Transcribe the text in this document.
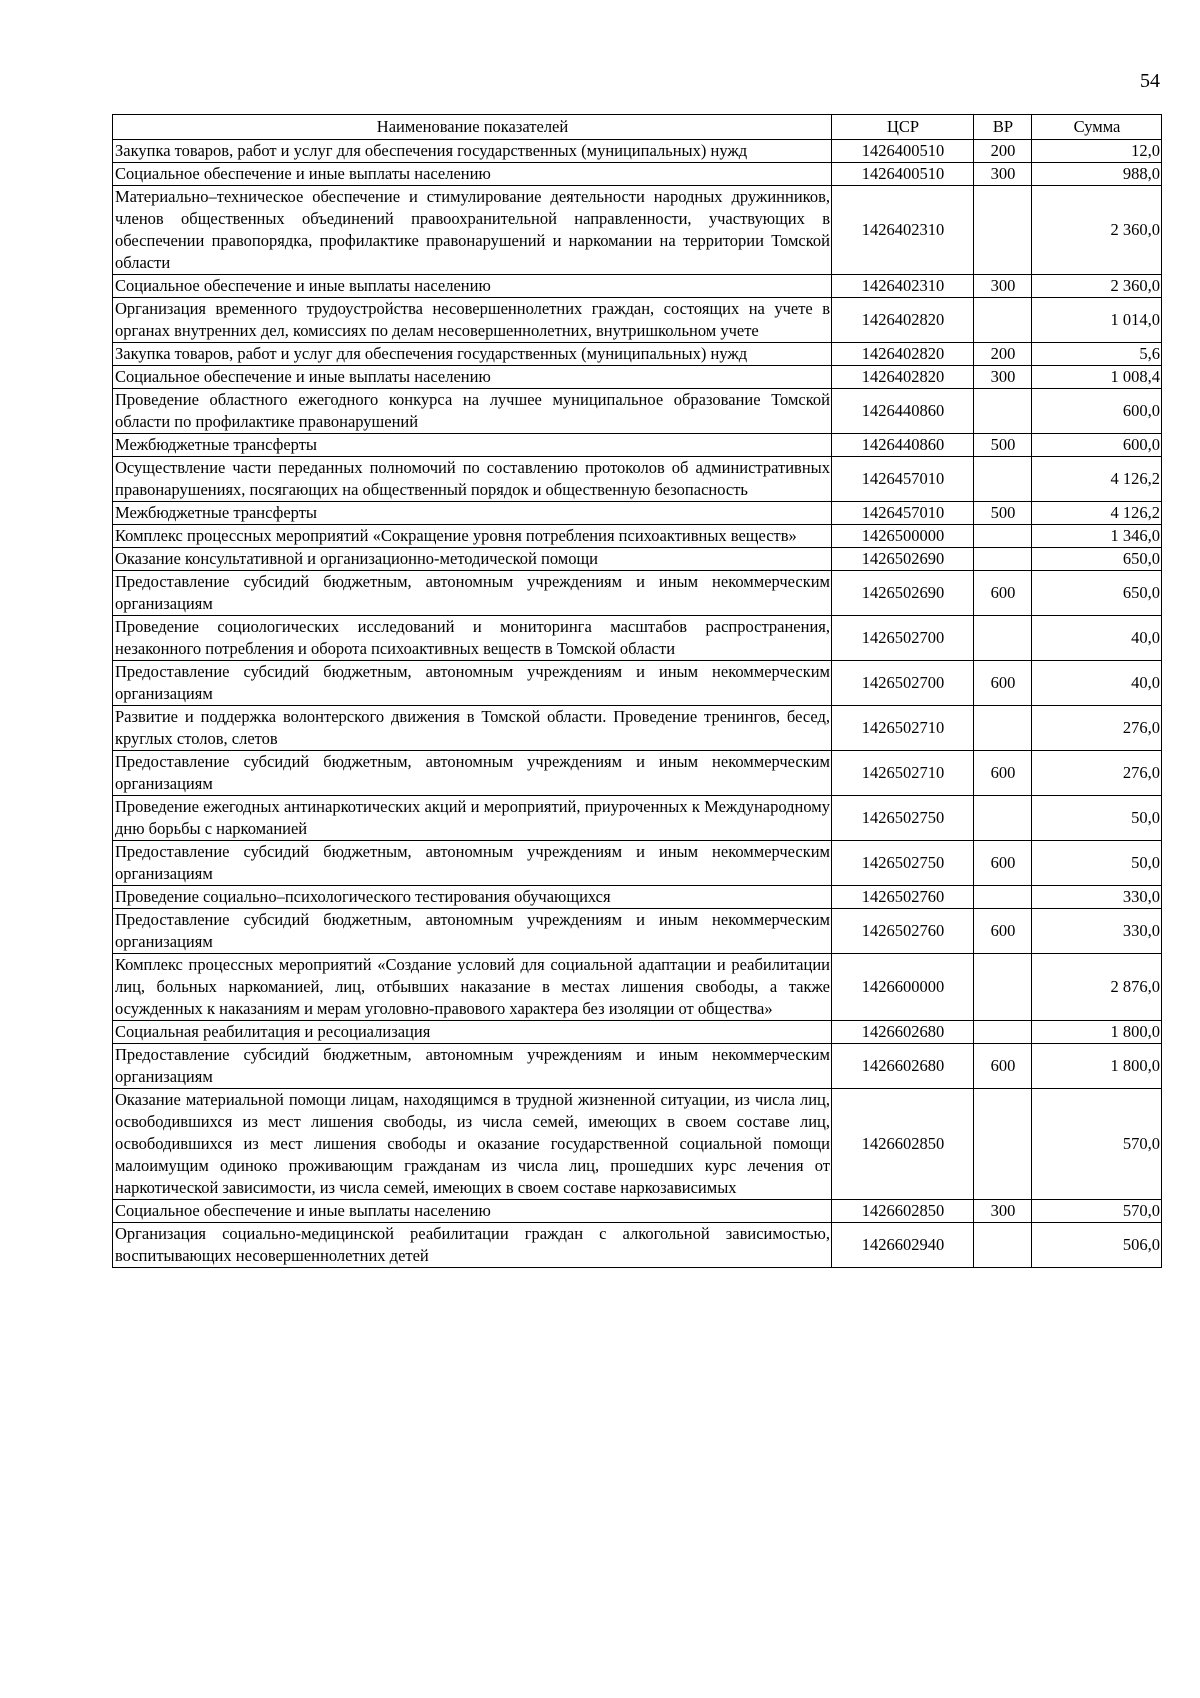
54
Наименование показателей	ЦСР	ВР	Сумма
Закупка товаров, работ и услуг для обеспечения государственных (муниципальных) нужд	1426400510	200	12,0
Социальное обеспечение и иные выплаты населению	1426400510	300	988,0
Материально–техническое обеспечение и стимулирование деятельности народных дружинников, членов общественных объединений правоохранительной направленности, участвующих в обеспечении правопорядка, профилактике правонарушений и наркомании на территории Томской области	1426402310		2 360,0
Социальное обеспечение и иные выплаты населению	1426402310	300	2 360,0
Организация временного трудоустройства несовершеннолетних граждан, состоящих на учете в органах внутренних дел, комиссиях по делам несовершеннолетних, внутришкольном учете	1426402820		1 014,0
Закупка товаров, работ и услуг для обеспечения государственных (муниципальных) нужд	1426402820	200	5,6
Социальное обеспечение и иные выплаты населению	1426402820	300	1 008,4
Проведение областного ежегодного конкурса на лучшее муниципальное образование Томской области по профилактике правонарушений	1426440860		600,0
Межбюджетные трансферты	1426440860	500	600,0
Осуществление части переданных полномочий по составлению протоколов об административных правонарушениях, посягающих на общественный порядок и общественную безопасность	1426457010		4 126,2
Межбюджетные трансферты	1426457010	500	4 126,2
Комплекс процессных мероприятий «Сокращение уровня потребления психоактивных веществ»	1426500000		1 346,0
Оказание консультативной и организационно-методической помощи	1426502690		650,0
Предоставление субсидий бюджетным, автономным учреждениям и иным некоммерческим организациям	1426502690	600	650,0
Проведение социологических исследований и мониторинга масштабов распространения, незаконного потребления и оборота психоактивных веществ в Томской области	1426502700		40,0
Предоставление субсидий бюджетным, автономным учреждениям и иным некоммерческим организациям	1426502700	600	40,0
Развитие и поддержка волонтерского движения в Томской области. Проведение тренингов, бесед, круглых столов, слетов	1426502710		276,0
Предоставление субсидий бюджетным, автономным учреждениям и иным некоммерческим организациям	1426502710	600	276,0
Проведение ежегодных антинаркотических акций и мероприятий, приуроченных к Международному дню борьбы с наркоманией	1426502750		50,0
Предоставление субсидий бюджетным, автономным учреждениям и иным некоммерческим организациям	1426502750	600	50,0
Проведение социально–психологического тестирования обучающихся	1426502760		330,0
Предоставление субсидий бюджетным, автономным учреждениям и иным некоммерческим организациям	1426502760	600	330,0
Комплекс процессных мероприятий «Создание условий для социальной адаптации и реабилитации лиц, больных наркоманией, лиц, отбывших наказание в местах лишения свободы, а также осужденных к наказаниям и мерам уголовно-правового характера без изоляции от общества»	1426600000		2 876,0
Социальная реабилитация и ресоциализация	1426602680		1 800,0
Предоставление субсидий бюджетным, автономным учреждениям и иным некоммерческим организациям	1426602680	600	1 800,0
Оказание материальной помощи лицам, находящимся в трудной жизненной ситуации, из числа лиц, освободившихся из мест лишения свободы, из числа семей, имеющих в своем составе лиц, освободившихся из мест лишения свободы и оказание государственной социальной помощи малоимущим одиноко проживающим гражданам из числа лиц, прошедших курс лечения от наркотической зависимости, из числа семей, имеющих в своем составе наркозависимых	1426602850		570,0
Социальное обеспечение и иные выплаты населению	1426602850	300	570,0
Организация социально-медицинской реабилитации граждан с алкогольной зависимостью, воспитывающих несовершеннолетних детей	1426602940		506,0
